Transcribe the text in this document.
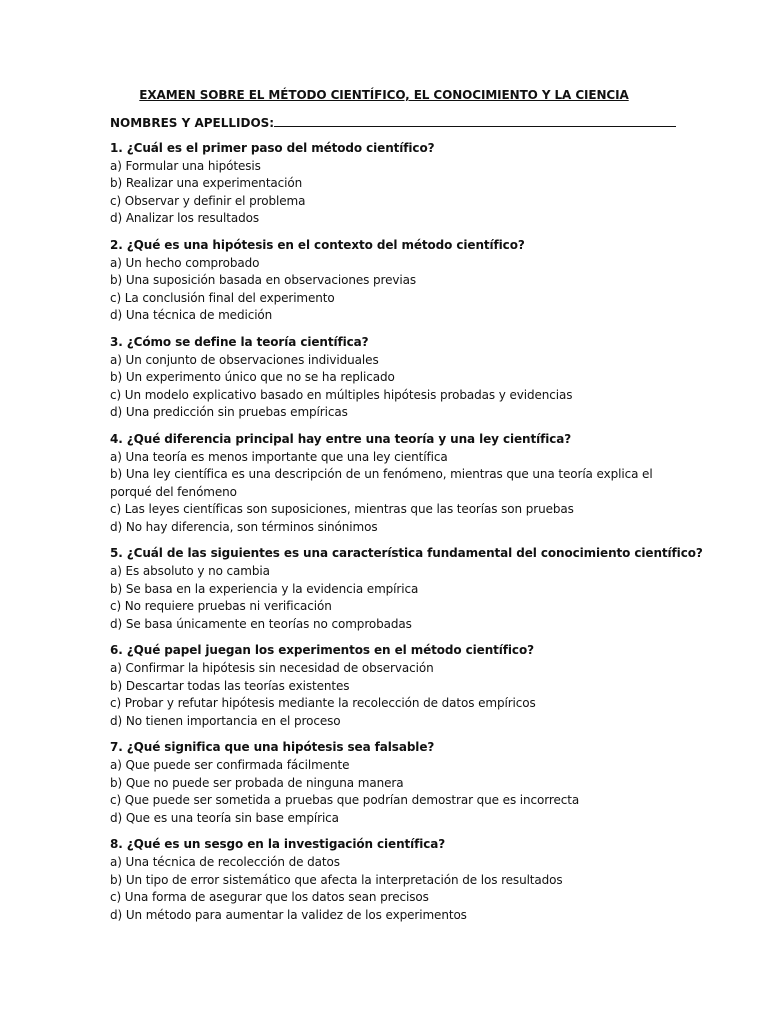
EXAMEN SOBRE EL MÉTODO CIENTÍFICO, EL CONOCIMIENTO Y LA CIENCIA
NOMBRES Y APELLIDOS:
1. ¿Cuál es el primer paso del método científico?
a) Formular una hipótesis
b) Realizar una experimentación
c) Observar y definir el problema
d) Analizar los resultados
2. ¿Qué es una hipótesis en el contexto del método científico?
a) Un hecho comprobado
b) Una suposición basada en observaciones previas
c) La conclusión final del experimento
d) Una técnica de medición
3. ¿Cómo se define la teoría científica?
a) Un conjunto de observaciones individuales
b) Un experimento único que no se ha replicado
c) Un modelo explicativo basado en múltiples hipótesis probadas y evidencias
d) Una predicción sin pruebas empíricas
4. ¿Qué diferencia principal hay entre una teoría y una ley científica?
a) Una teoría es menos importante que una ley científica
b) Una ley científica es una descripción de un fenómeno, mientras que una teoría explica el porqué del fenómeno
c) Las leyes científicas son suposiciones, mientras que las teorías son pruebas
d) No hay diferencia, son términos sinónimos
5. ¿Cuál de las siguientes es una característica fundamental del conocimiento científico?
a) Es absoluto y no cambia
b) Se basa en la experiencia y la evidencia empírica
c) No requiere pruebas ni verificación
d) Se basa únicamente en teorías no comprobadas
6. ¿Qué papel juegan los experimentos en el método científico?
a) Confirmar la hipótesis sin necesidad de observación
b) Descartar todas las teorías existentes
c) Probar y refutar hipótesis mediante la recolección de datos empíricos
d) No tienen importancia en el proceso
7. ¿Qué significa que una hipótesis sea falsable?
a) Que puede ser confirmada fácilmente
b) Que no puede ser probada de ninguna manera
c) Que puede ser sometida a pruebas que podrían demostrar que es incorrecta
d) Que es una teoría sin base empírica
8. ¿Qué es un sesgo en la investigación científica?
a) Una técnica de recolección de datos
b) Un tipo de error sistemático que afecta la interpretación de los resultados
c) Una forma de asegurar que los datos sean precisos
d) Un método para aumentar la validez de los experimentos
